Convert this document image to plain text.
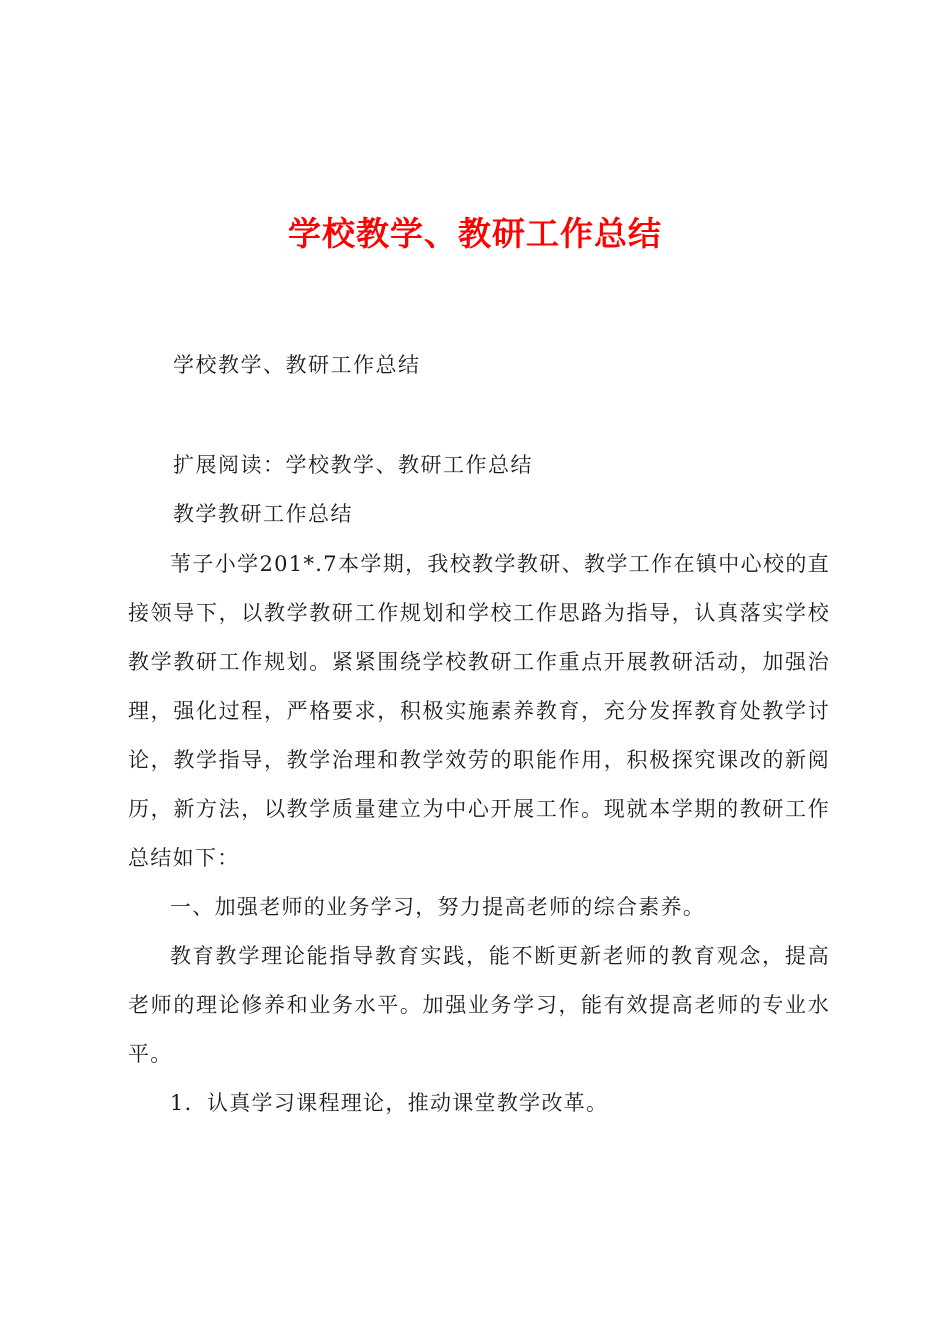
学校教学、教研工作总结
学校教学、教研工作总结
扩展阅读：学校教学、教研工作总结
教学教研工作总结

苇子小学201*.7本学期，我校教学教研、教学工作在镇中心校的直接领导下，以教学教研工作规划和学校工作思路为指导，认真落实学校教学教研工作规划。紧紧围绕学校教研工作重点开展教研活动，加强治理，强化过程，严格要求，积极实施素养教育，充分发挥教育处教学讨论，教学指导，教学治理和教学效劳的职能作用，积极探究课改的新阅历，新方法，以教学质量建立为中心开展工作。现就本学期的教研工作总结如下：

一、加强老师的业务学习，努力提高老师的综合素养。

教育教学理论能指导教育实践，能不断更新老师的教育观念，提高老师的理论修养和业务水平。加强业务学习，能有效提高老师的专业水平。

1．认真学习课程理论，推动课堂教学改革。
